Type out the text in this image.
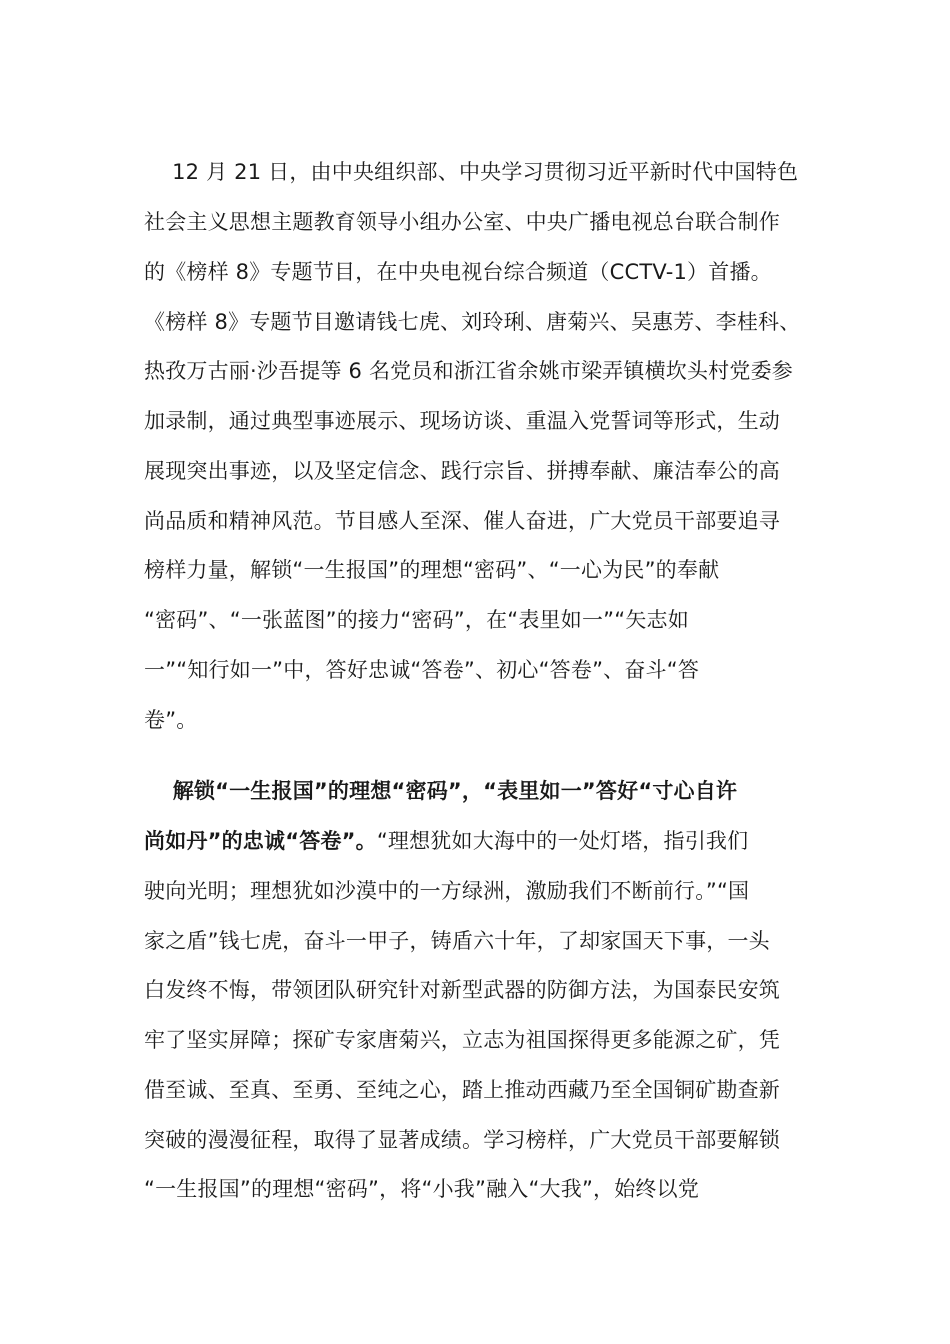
　 12 月 21 日，由中央组织部、中央学习贯彻习近平新时代中国特色
社会主义思想主题教育领导小组办公室、中央广播电视总台联合制作
的《榜样 8》专题节目，在中央电视台综合频道（CCTV-1）首播。
《榜样 8》专题节目邀请钱七虎、刘玲琍、唐菊兴、吴惠芳、李桂科、
热孜万古丽·沙吾提等 6 名党员和浙江省余姚市梁弄镇横坎头村党委参
加录制，通过典型事迹展示、现场访谈、重温入党誓词等形式，生动
展现突出事迹，以及坚定信念、践行宗旨、拼搏奉献、廉洁奉公的高
尚品质和精神风范。节目感人至深、催人奋进，广大党员干部要追寻
榜样力量，解锁“一生报国”的理想“密码”、“一心为民”的奉献
“密码”、“一张蓝图”的接力“密码”，在“表里如一”“矢志如
一”“知行如一”中，答好忠诚“答卷”、初心“答卷”、奋斗“答
卷”。
　 解锁“一生报国”的理想“密码”，“表里如一”答好“寸心自许
尚如丹”的忠诚“答卷”。“理想犹如大海中的一处灯塔，指引我们
驶向光明；理想犹如沙漠中的一方绿洲，激励我们不断前行。”“国
家之盾”钱七虎，奋斗一甲子，铸盾六十年，了却家国天下事，一头
白发终不悔，带领团队研究针对新型武器的防御方法，为国泰民安筑
牢了坚实屏障；探矿专家唐菊兴，立志为祖国探得更多能源之矿，凭
借至诚、至真、至勇、至纯之心，踏上推动西藏乃至全国铜矿勘查新
突破的漫漫征程，取得了显著成绩。学习榜样，广大党员干部要解锁
“一生报国”的理想“密码”，将“小我”融入“大我”，始终以党
